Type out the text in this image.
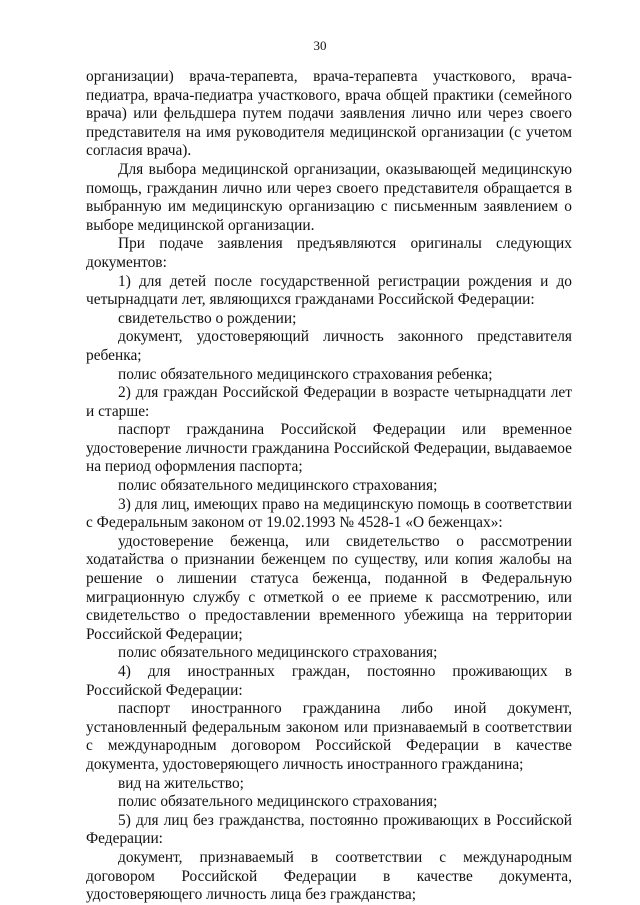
30

организации) врача-терапевта, врача-терапевта участкового, врача-педиатра, врача-педиатра участкового, врача общей практики (семейного врача) или фельдшера путем подачи заявления лично или через своего представителя на имя руководителя медицинской организации (с учетом согласия врача).

Для выбора медицинской организации, оказывающей медицинскую помощь, гражданин лично или через своего представителя обращается в выбранную им медицинскую организацию с письменным заявлением о выборе медицинской организации.

При подаче заявления предъявляются оригиналы следующих документов:

1) для детей после государственной регистрации рождения и до четырнадцати лет, являющихся гражданами Российской Федерации:

свидетельство о рождении;

документ, удостоверяющий личность законного представителя ребенка;

полис обязательного медицинского страхования ребенка;

2) для граждан Российской Федерации в возрасте четырнадцати лет и старше:

паспорт гражданина Российской Федерации или временное удостоверение личности гражданина Российской Федерации, выдаваемое на период оформления паспорта;

полис обязательного медицинского страхования;

3) для лиц, имеющих право на медицинскую помощь в соответствии с Федеральным законом от 19.02.1993 № 4528-1 «О беженцах»:

удостоверение беженца, или свидетельство о рассмотрении ходатайства о признании беженцем по существу, или копия жалобы на решение о лишении статуса беженца, поданной в Федеральную миграционную службу с отметкой о ее приеме к рассмотрению, или свидетельство о предоставлении временного убежища на территории Российской Федерации;

полис обязательного медицинского страхования;

4) для иностранных граждан, постоянно проживающих в Российской Федерации:

паспорт иностранного гражданина либо иной документ, установленный федеральным законом или признаваемый в соответствии с международным договором Российской Федерации в качестве документа, удостоверяющего личность иностранного гражданина;

вид на жительство;

полис обязательного медицинского страхования;

5) для лиц без гражданства, постоянно проживающих в Российской Федерации:

документ, признаваемый в соответствии с международным договором Российской Федерации в качестве документа, удостоверяющего личность лица без гражданства;
